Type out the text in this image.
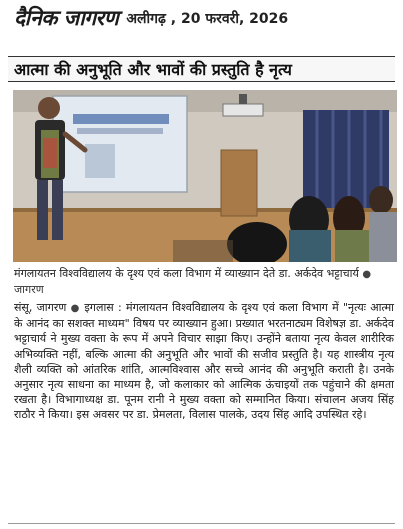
दैनिक जागरण अलीगढ़ , 20 फरवरी, 2026
आत्मा की अनुभूति और भावों की प्रस्तुति है नृत्य
मंगलायतन विश्वविद्यालय के दृश्य एवं कला विभाग में व्याख्यान देते डा. अर्कदेव भट्टाचार्य ● जागरण
संसू, जागरण ● इगलास : मंगलायतन विश्वविद्यालय के दृश्य एवं कला विभाग में "नृत्यः आत्मा के आनंद का सशक्त माध्यम" विषय पर व्याख्यान हुआ। प्रख्यात भरतनाट्यम विशेषज्ञ डा. अर्कदेव भट्टाचार्य ने मुख्य वक्ता के रूप में अपने विचार साझा किए। उन्होंने बताया नृत्य केवल शारीरिक अभिव्यक्ति नहीं, बल्कि आत्मा की अनुभूति और भावों की सजीव प्रस्तुति है। यह शास्त्रीय नृत्य शैली व्यक्ति को आंतरिक शांति, आत्मविश्वास और सच्चे आनंद की अनुभूति कराती है। उनके अनुसार नृत्य साधना का माध्यम है, जो कलाकार को आत्मिक ऊंचाइयों तक पहुंचाने की क्षमता रखता है। विभागाध्यक्ष डा. पूनम रानी ने मुख्य वक्ता को सम्मानित किया। संचालन अजय सिंह राठौर ने किया। इस अवसर पर डा. प्रेमलता, विलास पालके, उदय सिंह आदि उपस्थित रहे।
